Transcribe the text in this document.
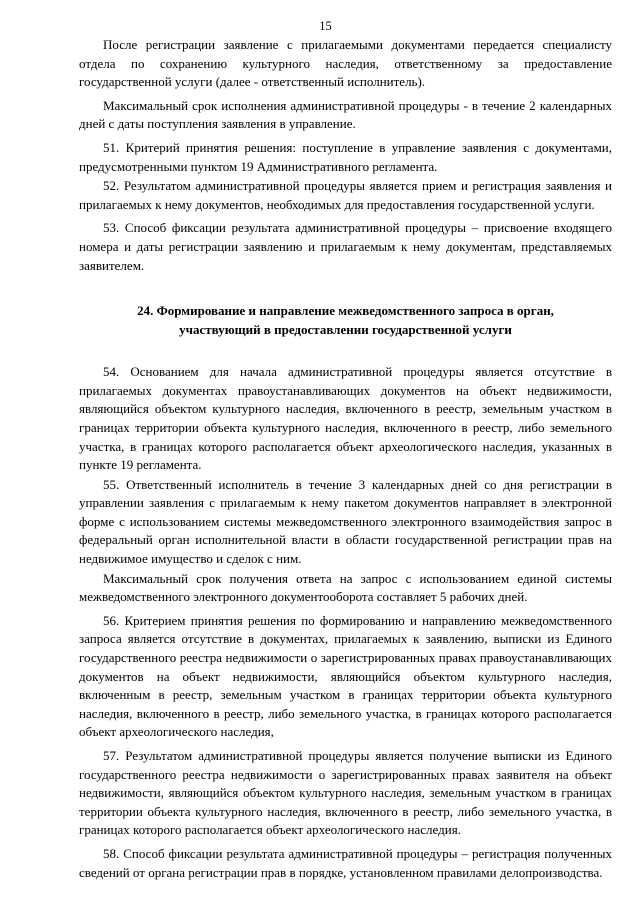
15

После регистрации заявление с прилагаемыми документами передается специалисту отдела по сохранению культурного наследия, ответственному за предоставление государственной услуги (далее - ответственный исполнитель).

Максимальный срок исполнения административной процедуры - в течение 2 календарных дней с даты поступления заявления в управление.

51. Критерий принятия решения: поступление в управление заявления с документами, предусмотренными пунктом 19 Административного регламента.

52. Результатом административной процедуры является прием и регистрация заявления и прилагаемых к нему документов, необходимых для предоставления государственной услуги.

53. Способ фиксации результата административной процедуры – присвоение входящего номера и даты регистрации заявлению и прилагаемым к нему документам, представляемых заявителем.

24. Формирование и направление межведомственного запроса в орган,
участвующий в предоставлении государственной услуги

54. Основанием для начала административной процедуры является отсутствие в прилагаемых документах правоустанавливающих документов на объект недвижимости, являющийся объектом культурного наследия, включенного в реестр, земельным участком в границах территории объекта культурного наследия, включенного в реестр, либо земельного участка, в границах которого располагается объект археологического наследия, указанных в пункте 19 регламента.

55. Ответственный исполнитель в течение 3 календарных дней со дня регистрации в управлении заявления с прилагаемым к нему пакетом документов направляет в электронной форме с использованием системы межведомственного электронного взаимодействия запрос в федеральный орган исполнительной власти в области государственной регистрации прав на недвижимое имущество и сделок с ним.

Максимальный срок получения ответа на запрос с использованием единой системы межведомственного электронного документооборота составляет 5 рабочих дней.

56. Критерием принятия решения по формированию и направлению межведомственного запроса является отсутствие в документах, прилагаемых к заявлению, выписки из Единого государственного реестра недвижимости о зарегистрированных правах правоустанавливающих документов на объект недвижимости, являющийся объектом культурного наследия, включенным в реестр, земельным участком в границах территории объекта культурного наследия, включенного в реестр, либо земельного участка, в границах которого располагается объект археологического наследия,

57. Результатом административной процедуры является получение выписки из Единого государственного реестра недвижимости о зарегистрированных правах заявителя на объект недвижимости, являющийся объектом культурного наследия, земельным участком в границах территории объекта культурного наследия, включенного в реестр, либо земельного участка, в границах которого располагается объект археологического наследия.

58. Способ фиксации результата административной процедуры – регистрация полученных сведений от органа регистрации прав в порядке, установленном правилами делопроизводства.
